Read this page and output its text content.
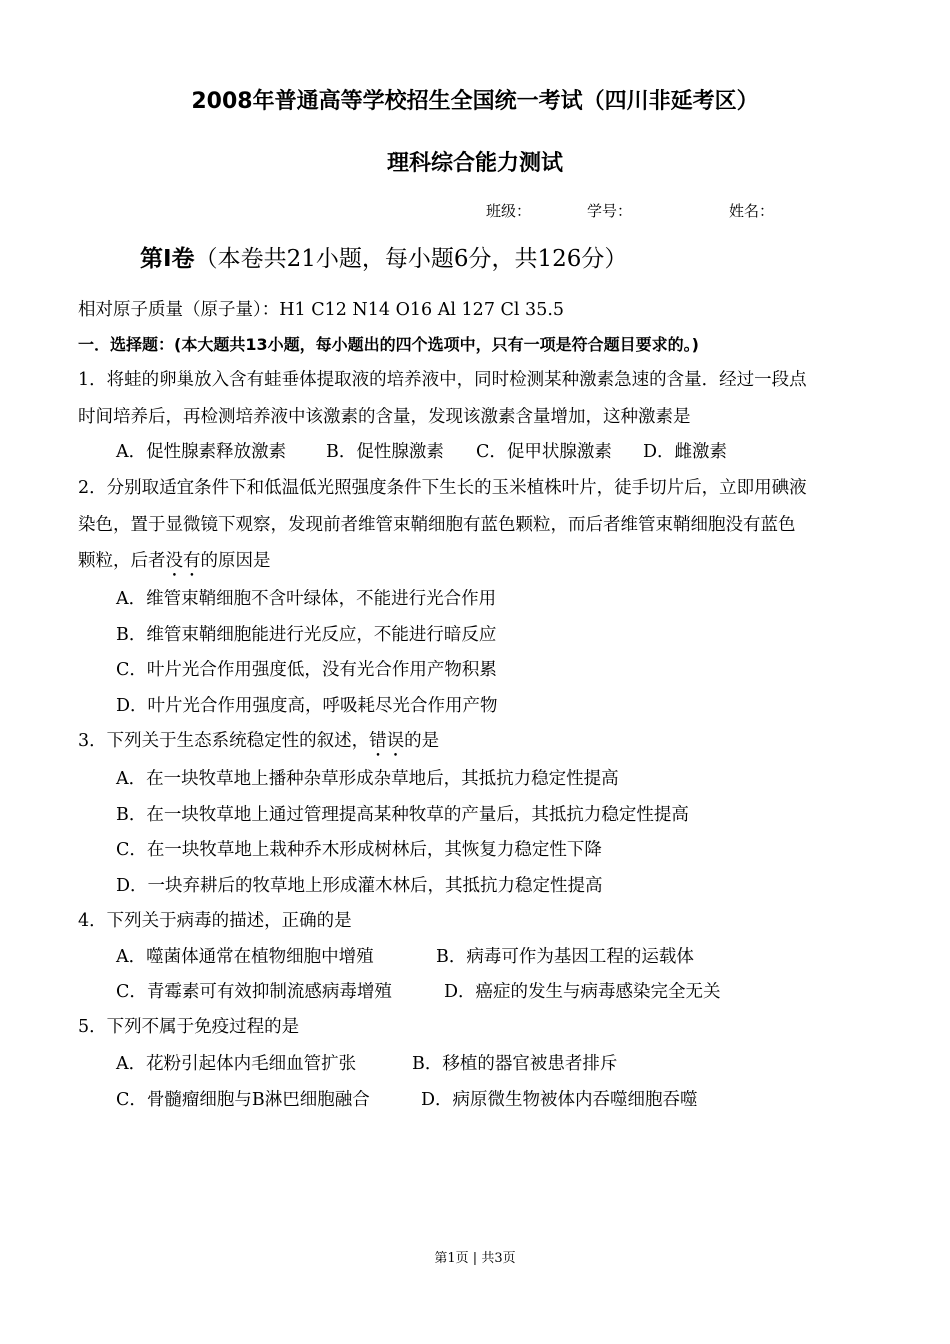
2008年普通高等学校招生全国统一考试（四川非延考区）
理科综合能力测试
班级：	学号：	姓名：
第Ⅰ卷（本卷共21小题，每小题6分，共126分）
相对原子质量（原子量）：H1 C12 N14 O16 Al 127 Cl 35.5
一．选择题：(本大题共13小题，每小题出的四个选项中，只有一项是符合题目要求的。)
1．将蛙的卵巢放入含有蛙垂体提取液的培养液中，同时检测某种激素急速的含量．经过一段点
时间培养后，再检测培养液中该激素的含量，发现该激素含量增加，这种激素是
A．促性腺素释放激素 B．促性腺激素 C．促甲状腺激素 D．雌激素
2．分别取适宜条件下和低温低光照强度条件下生长的玉米植株叶片，徒手切片后，立即用碘液
染色，置于显微镜下观察，发现前者维管束鞘细胞有蓝色颗粒，而后者维管束鞘细胞没有蓝色
颗粒，后者没有的原因是
A．维管束鞘细胞不含叶绿体，不能进行光合作用
B．维管束鞘细胞能进行光反应，不能进行暗反应
C．叶片光合作用强度低，没有光合作用产物积累
D．叶片光合作用强度高，呼吸耗尽光合作用产物
3．下列关于生态系统稳定性的叙述，错误的是
A．在一块牧草地上播种杂草形成杂草地后，其抵抗力稳定性提高
B．在一块牧草地上通过管理提高某种牧草的产量后，其抵抗力稳定性提高
C．在一块牧草地上栽种乔木形成树林后，其恢复力稳定性下降
D．一块弃耕后的牧草地上形成灌木林后，其抵抗力稳定性提高
4．下列关于病毒的描述，正确的是
A．噬菌体通常在植物细胞中增殖	B．病毒可作为基因工程的运载体
C．青霉素可有效抑制流感病毒增殖	D．癌症的发生与病毒感染完全无关
5．下列不属于免疫过程的是
A．花粉引起体内毛细血管扩张	B．移植的器官被患者排斥
C．骨髓瘤细胞与B淋巴细胞融合	D．病原微生物被体内吞噬细胞吞噬
第1页 | 共3页
